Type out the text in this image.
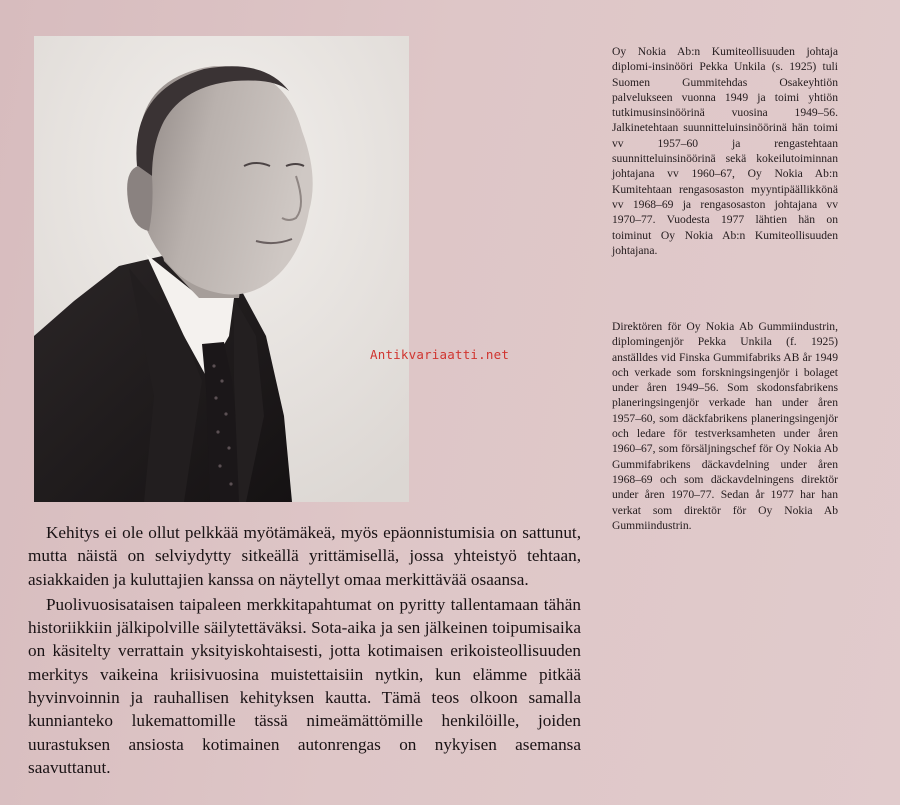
Antikvariaatti.net

Oy Nokia Ab:n Kumiteollisuuden johtaja diplomi-insinööri Pekka Unkila (s. 1925) tuli Suomen Gummitehdas Osakeyhtiön palvelukseen vuonna 1949 ja toimi yhtiön tutkimusinsinöörinä vuosina 1949–56. Jalkinetehtaan suunnitteluinsinöörinä hän toimi vv 1957–60 ja rengastehtaan suunnitteluinsinöörinä sekä kokeilutoiminnan johtajana vv 1960–67, Oy Nokia Ab:n Kumitehtaan rengasosaston myyntipäällikkönä vv 1968–69 ja rengasosaston johtajana vv 1970–77. Vuodesta 1977 lähtien hän on toiminut Oy Nokia Ab:n Kumiteollisuuden johtajana.

Direktören för Oy Nokia Ab Gummiindustrin, diplomingenjör Pekka Unkila (f. 1925) anställdes vid Finska Gummifabriks AB år 1949 och verkade som forskningsingenjör i bolaget under åren 1949–56. Som skodonsfabrikens planeringsingenjör verkade han under åren 1957–60, som däckfabrikens planeringsingenjör och ledare för testverksamheten under åren 1960–67, som försäljningschef för Oy Nokia Ab Gummifabrikens däckavdelning under åren 1968–69 och som däckavdelningens direktör under åren 1970–77. Sedan år 1977 har han verkat som direktör för Oy Nokia Ab Gummiindustrin.

Kehitys ei ole ollut pelkkää myötämäkeä, myös epäonnistumisia on sattunut, mutta näistä on selviydytty sitkeällä yrittämisellä, jossa yhteistyö tehtaan, asiakkaiden ja kuluttajien kanssa on näytellyt omaa merkittävää osaansa.

Puolivuosisataisen taipaleen merkkitapahtumat on pyritty tallentamaan tähän historiikkiin jälkipolville säilytettäväksi. Sota-aika ja sen jälkeinen toipumisaika on käsitelty verrattain yksityiskohtaisesti, jotta kotimaisen erikoisteollisuuden merkitys vaikeina kriisivuosina muistettaisiin nytkin, kun elämme pitkää hyvinvoinnin ja rauhallisen kehityksen kautta. Tämä teos olkoon samalla kunnianteko lukemattomille tässä nimeämättömille henkilöille, joiden uurastuksen ansiosta kotimainen autonrengas on nykyisen asemansa saavuttanut.
